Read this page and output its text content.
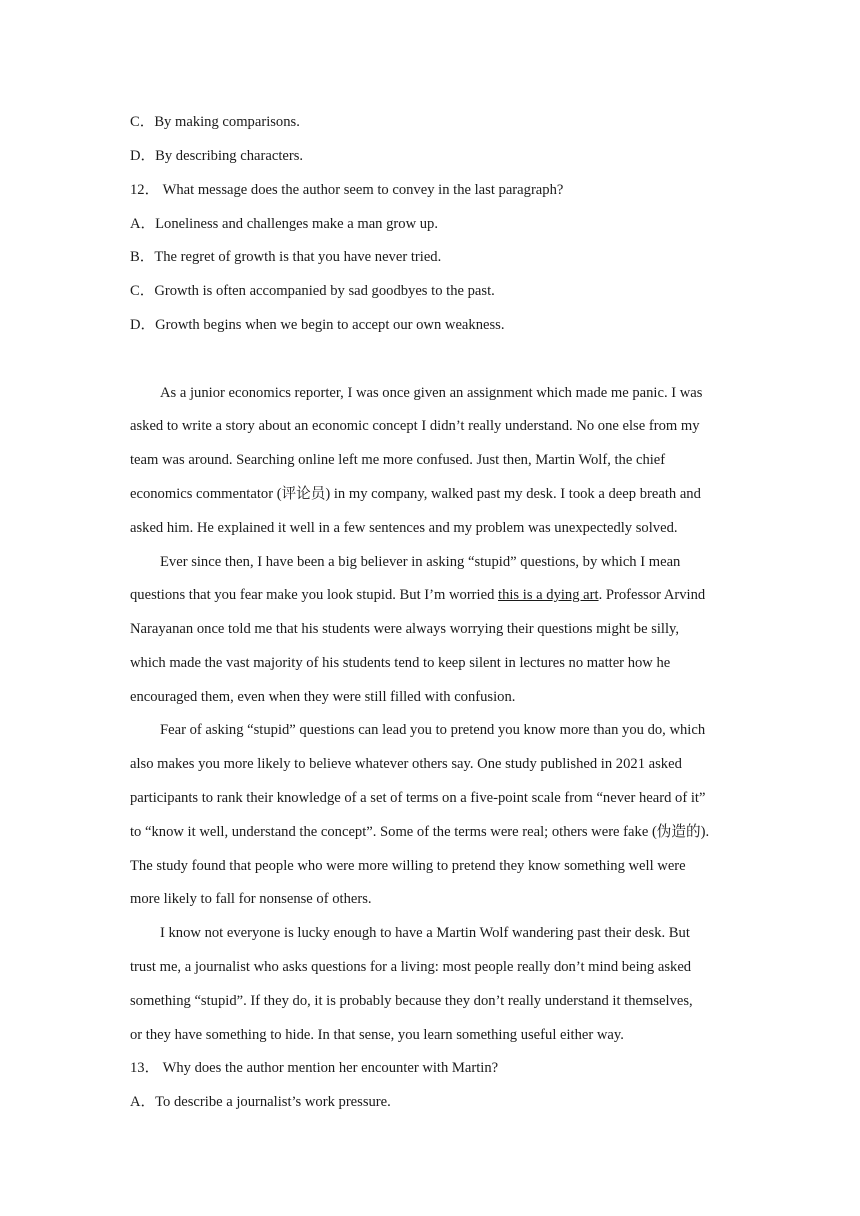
C．By making comparisons.
D．By describing characters.
12． What message does the author seem to convey in the last paragraph?
A．Loneliness and challenges make a man grow up.
B．The regret of growth is that you have never tried.
C．Growth is often accompanied by sad goodbyes to the past.
D．Growth begins when we begin to accept our own weakness.
As a junior economics reporter, I was once given an assignment which made me panic. I was
asked to write a story about an economic concept I didn’t really understand. No one else from my
team was around. Searching online left me more confused. Just then, Martin Wolf, the chief
economics commentator (评论员) in my company, walked past my desk. I took a deep breath and
asked him. He explained it well in a few sentences and my problem was unexpectedly solved.
Ever since then, I have been a big believer in asking “stupid” questions, by which I mean
questions that you fear make you look stupid. But I’m worried this is a dying art. Professor Arvind
Narayanan once told me that his students were always worrying their questions might be silly,
which made the vast majority of his students tend to keep silent in lectures no matter how he
encouraged them, even when they were still filled with confusion.
Fear of asking “stupid” questions can lead you to pretend you know more than you do, which
also makes you more likely to believe whatever others say. One study published in 2021 asked
participants to rank their knowledge of a set of terms on a five-point scale from “never heard of it”
to “know it well, understand the concept”. Some of the terms were real; others were fake (伪造的).
The study found that people who were more willing to pretend they know something well were
more likely to fall for nonsense of others.
I know not everyone is lucky enough to have a Martin Wolf wandering past their desk. But
trust me, a journalist who asks questions for a living: most people really don’t mind being asked
something “stupid”. If they do, it is probably because they don’t really understand it themselves,
or they have something to hide. In that sense, you learn something useful either way.
13． Why does the author mention her encounter with Martin?
A．To describe a journalist’s work pressure.
